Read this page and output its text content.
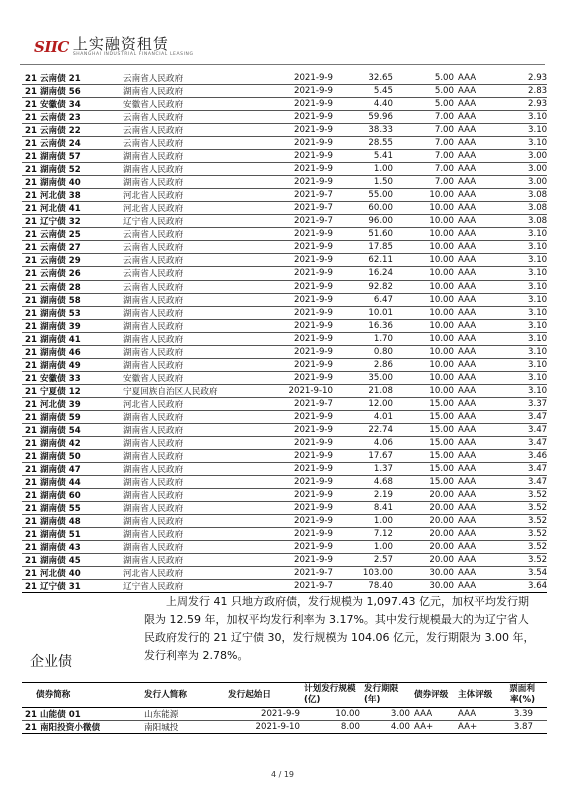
SIIC 上实融资租赁
SHANGHAI INDUSTRIAL FINANCIAL LEASING
21 云南债 21	云南省人民政府	2021-9-9	32.65	5.00	AAA	2.93
21 湖南债 56	湖南省人民政府	2021-9-9	5.45	5.00	AAA	2.83
21 安徽债 34	安徽省人民政府	2021-9-9	4.40	5.00	AAA	2.93
21 云南债 23	云南省人民政府	2021-9-9	59.96	7.00	AAA	3.10
21 云南债 22	云南省人民政府	2021-9-9	38.33	7.00	AAA	3.10
21 云南债 24	云南省人民政府	2021-9-9	28.55	7.00	AAA	3.10
21 湖南债 57	湖南省人民政府	2021-9-9	5.41	7.00	AAA	3.00
21 湖南债 52	湖南省人民政府	2021-9-9	1.00	7.00	AAA	3.00
21 湖南债 40	湖南省人民政府	2021-9-9	1.50	7.00	AAA	3.00
21 河北债 38	河北省人民政府	2021-9-7	55.00	10.00	AAA	3.08
21 河北债 41	河北省人民政府	2021-9-7	60.00	10.00	AAA	3.08
21 辽宁债 32	辽宁省人民政府	2021-9-7	96.00	10.00	AAA	3.08
21 云南债 25	云南省人民政府	2021-9-9	51.60	10.00	AAA	3.10
21 云南债 27	云南省人民政府	2021-9-9	17.85	10.00	AAA	3.10
21 云南债 29	云南省人民政府	2021-9-9	62.11	10.00	AAA	3.10
21 云南债 26	云南省人民政府	2021-9-9	16.24	10.00	AAA	3.10
21 云南债 28	云南省人民政府	2021-9-9	92.82	10.00	AAA	3.10
21 湖南债 58	湖南省人民政府	2021-9-9	6.47	10.00	AAA	3.10
21 湖南债 53	湖南省人民政府	2021-9-9	10.01	10.00	AAA	3.10
21 湖南债 39	湖南省人民政府	2021-9-9	16.36	10.00	AAA	3.10
21 湖南债 41	湖南省人民政府	2021-9-9	1.70	10.00	AAA	3.10
21 湖南债 46	湖南省人民政府	2021-9-9	0.80	10.00	AAA	3.10
21 湖南债 49	湖南省人民政府	2021-9-9	2.86	10.00	AAA	3.10
21 安徽债 33	安徽省人民政府	2021-9-9	35.00	10.00	AAA	3.10
21 宁夏债 12	宁夏回族自治区人民政府	2021-9-10	21.08	10.00	AAA	3.10
21 河北债 39	河北省人民政府	2021-9-7	12.00	15.00	AAA	3.37
21 湖南债 59	湖南省人民政府	2021-9-9	4.01	15.00	AAA	3.47
21 湖南债 54	湖南省人民政府	2021-9-9	22.74	15.00	AAA	3.47
21 湖南债 42	湖南省人民政府	2021-9-9	4.06	15.00	AAA	3.47
21 湖南债 50	湖南省人民政府	2021-9-9	17.67	15.00	AAA	3.46
21 湖南债 47	湖南省人民政府	2021-9-9	1.37	15.00	AAA	3.47
21 湖南债 44	湖南省人民政府	2021-9-9	4.68	15.00	AAA	3.47
21 湖南债 60	湖南省人民政府	2021-9-9	2.19	20.00	AAA	3.52
21 湖南债 55	湖南省人民政府	2021-9-9	8.41	20.00	AAA	3.52
21 湖南债 48	湖南省人民政府	2021-9-9	1.00	20.00	AAA	3.52
21 湖南债 51	湖南省人民政府	2021-9-9	7.12	20.00	AAA	3.52
21 湖南债 43	湖南省人民政府	2021-9-9	1.00	20.00	AAA	3.52
21 湖南债 45	湖南省人民政府	2021-9-9	2.57	20.00	AAA	3.52
21 河北债 40	河北省人民政府	2021-9-7	103.00	30.00	AAA	3.54
21 辽宁债 31	辽宁省人民政府	2021-9-7	78.40	30.00	AAA	3.64

上周发行 41 只地方政府债，发行规模为 1,097.43 亿元，加权平均发行期限为 12.59 年，加权平均发行利率为 3.17%。其中发行规模最大的为辽宁省人民政府发行的 21 辽宁债 30，发行规模为 104.06 亿元，发行期限为 3.00 年，发行利率为 2.78%。

企业债
债券简称	发行人简称	发行起始日	计划发行规模(亿)	发行期限(年)	债券评级	主体评级	票面利率(%)
21 山能债 01	山东能源	2021-9-9	10.00	3.00	AAA	AAA	3.39
21 南阳投资小微债	南阳城投	2021-9-10	8.00	4.00	AA+	AA+	3.87
4 / 19
